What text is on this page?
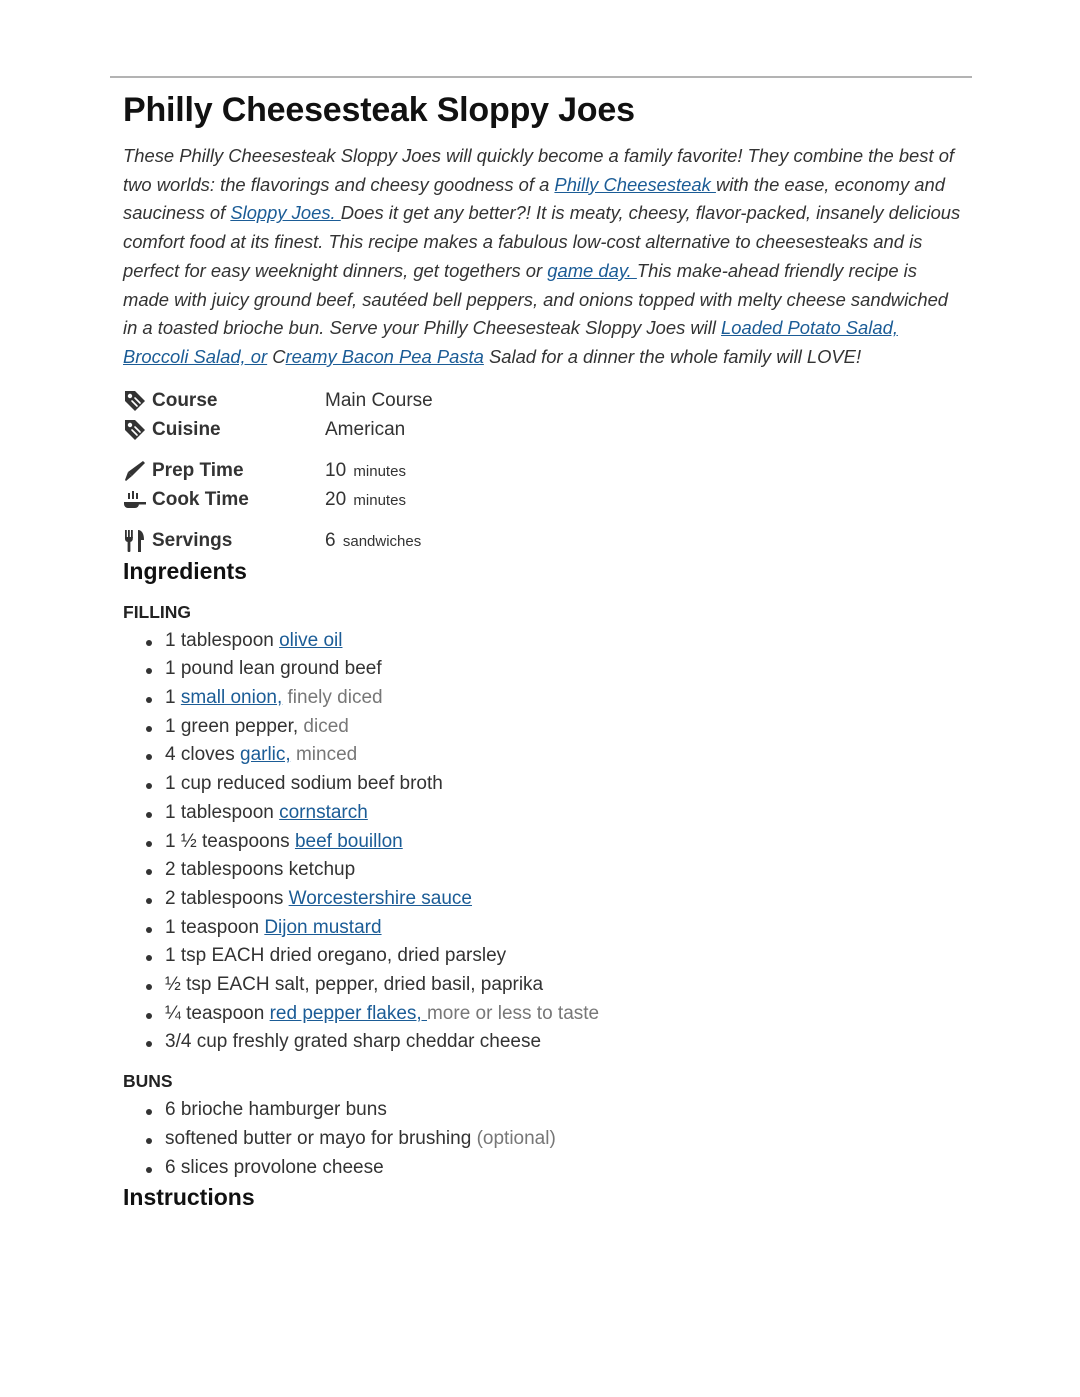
Philly Cheesesteak Sloppy Joes

These Philly Cheesesteak Sloppy Joes will quickly become a family favorite! They combine the best of two worlds: the flavorings and cheesy goodness of a Philly Cheesesteak with the ease, economy and sauciness of Sloppy Joes. Does it get any better?! It is meaty, cheesy, flavor-packed, insanely delicious comfort food at its finest. This recipe makes a fabulous low-cost alternative to cheesesteaks and is perfect for easy weeknight dinners, get togethers or game day. This make-ahead friendly recipe is made with juicy ground beef, sautéed bell peppers, and onions topped with melty cheese sandwiched in a toasted brioche bun. Serve your Philly Cheesesteak Sloppy Joes will Loaded Potato Salad, Broccoli Salad, or Creamy Bacon Pea Pasta Salad for a dinner the whole family will LOVE!

Course	Main Course
Cuisine	American
Prep Time	10 minutes
Cook Time	20 minutes
Servings	6 sandwiches
Ingredients
FILLING
1 tablespoon olive oil
1 pound lean ground beef
1 small onion, finely diced
1 green pepper, diced
4 cloves garlic, minced
1 cup reduced sodium beef broth
1 tablespoon cornstarch
1 ½ teaspoons beef bouillon
2 tablespoons ketchup
2 tablespoons Worcestershire sauce
1 teaspoon Dijon mustard
1 tsp EACH dried oregano, dried parsley
½ tsp EACH salt, pepper, dried basil, paprika
¼ teaspoon red pepper flakes, more or less to taste
3/4 cup freshly grated sharp cheddar cheese
BUNS
6 brioche hamburger buns
softened butter or mayo for brushing (optional)
6 slices provolone cheese
Instructions
